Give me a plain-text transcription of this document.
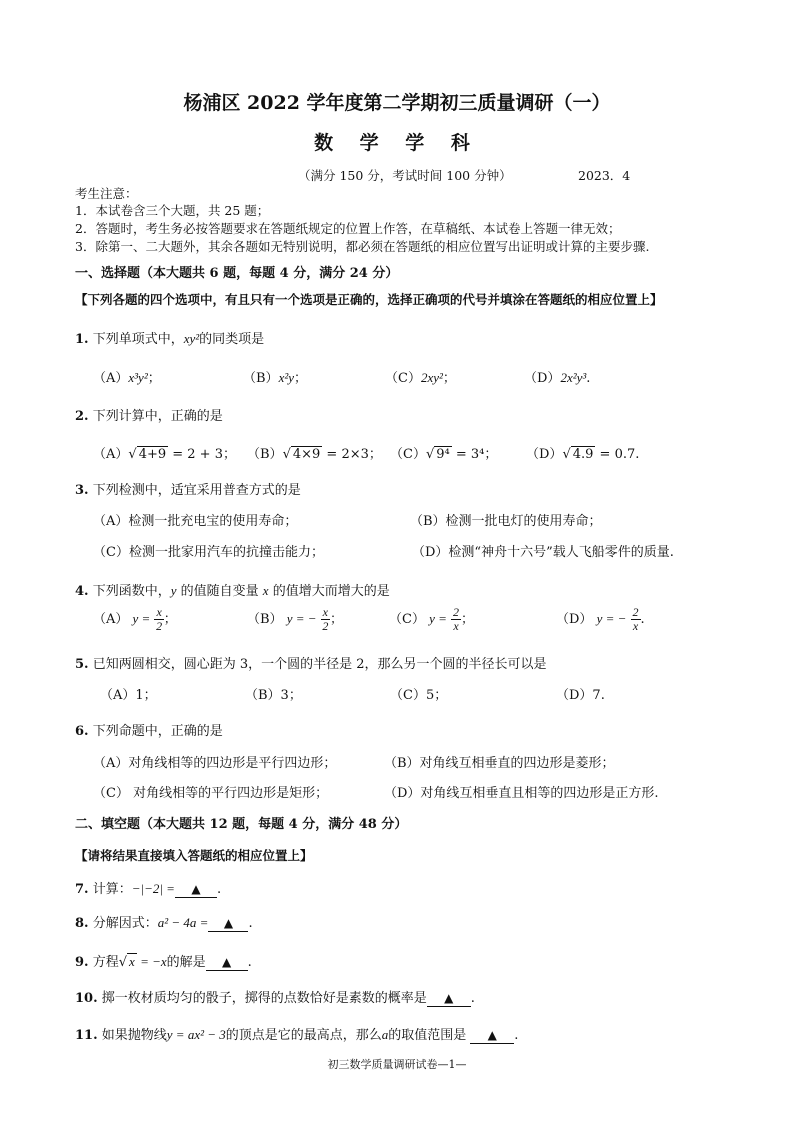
杨浦区 2022 学年度第二学期初三质量调研（一）
数 学 学 科
（满分 150 分，考试时间 100 分钟）	2023．4
考生注意：
1．本试卷含三个大题，共 25 题；
2．答题时，考生务必按答题要求在答题纸规定的位置上作答，在草稿纸、本试卷上答题一律无效；
3．除第一、二大题外，其余各题如无特别说明，都必须在答题纸的相应位置写出证明或计算的主要步骤.
一、选择题（本大题共 6 题，每题 4 分，满分 24 分）
【下列各题的四个选项中，有且只有一个选项是正确的，选择正确项的代号并填涂在答题纸的相应位置上】
1. 下列单项式中，xy²的同类项是
（A）x³y²；	（B）x²y；	（C）2xy²；	（D）2x²y³.
2. 下列计算中，正确的是
（A）√ 4+9 = 2 + 3； （B）√ 4×9 = 2×3； （C）√ 9⁴ = 3⁴； （D）√ 4.9 = 0.7.
3. 下列检测中，适宜采用普查方式的是
（A）检测一批充电宝的使用寿命；	（B）检测一批电灯的使用寿命；
（C）检测一批家用汽车的抗撞击能力；	（D）检测“神舟十六号”载人飞船零件的质量.
4. 下列函数中，y 的值随自变量 x 的值增大而增大的是
（A） $y = \frac{x}{2}$ ；	（B） y = − $\frac{x}{2}$ ；	（C） $y = \frac{2}{x}$ ；	（D） y = − $\frac{2}{x}$ .
5. 已知两圆相交，圆心距为 3，一个圆的半径是 2，那么另一个圆的半径长可以是
（A）1；	（B）3；	（C）5；	（D）7.
6. 下列命题中，正确的是
（A）对角线相等的四边形是平行四边形；	（B）对角线互相垂直的四边形是菱形；
（C） 对角线相等的平行四边形是矩形；	（D）对角线互相垂直且相等的四边形是正方形.
二、填空题（本大题共 12 题，每题 4 分，满分 48 分）
【请将结果直接填入答题纸的相应位置上】
7. 计算：−|−2| = ▲ .
8. 分解因式：a² − 4a = ▲ .
9. 方程√ x = −x的解是 ▲ .
10. 掷一枚材质均匀的骰子，掷得的点数恰好是素数的概率是 ▲ .
11. 如果抛物线y = ax² − 3的顶点是它的最高点，那么a的取值范围是 ▲ .
初三数学质量调研试卷—1—
